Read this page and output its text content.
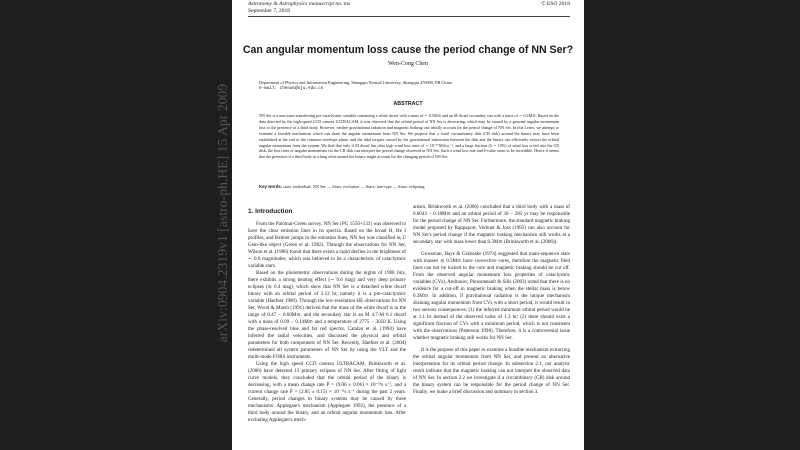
arXiv:0904.2319v1 [astro-ph.HE] 15 Apr 2009
Astronomy & Astrophysics manuscript no. ms
September 7, 2018
© ESO 2018
Can angular momentum loss cause the period change of NN Ser?
Wen-Cong Chen
Department of Physics and Information Engineering, Shangqiu Normal University, Shangqiu 476000, PR China
e-mail: chenwc@nju.edu.cn
ABSTRACT
NN Ser is a non mass-transferring pre-cataclysmic variable containing a white dwarf with a mass of ∼ 0.5M⊙ and an M dwarf secondary star with a mass of ∼ 0.2M⊙. Based on the data detected by the high-speed CCD camera ULTRACAM, it was observed that the orbital period of NN Ser is decreasing, which may be caused by a genuine angular momentum loss or the presence of a third body. However, neither gravitational radiation and magnetic braking can ideally account for the period change of NN Ser. In this Letter, we attempt to examine a feasible mechanism which can drain the angular momentum from NN Ser. We propose that a fossil circumbinary disk (CB disk) around the binary may have been established at the end of the common envelope phase, and the tidal torques caused by the gravitational interaction between the disk and the binary can efficiently extract the orbital angular momentum from the system. We find that only if M dwarf has ultra high wind loss rates of ∼ 10⁻¹⁰M⊙yr⁻¹, and a large fraction (δ ∼ 10%) of wind loss is fed into the CB disk, the loss rates of angular momentum via the CB disk can interpret the period change observed in NN Ser. Such a wind loss rate and δ-value seem to be incredible. Hence it seems that the presence of a third body in a long orbit around the binary might account for the changing period of NN Ser.
Key words. stars: individual: NN Ser — Stars: evolution — Stars: late-type — Stars: eclipsing
1. Introduction

From the Palomar-Green survey, NN Ser (PG 1550+131) was observed to have the clear emission lines in its spectra. Based on the broad H, He I profiles, and Balmer jumps in the emission lines, NN Ser was classified as U Gem-like object (Green et al. 1982). Through the observations for NN Ser, Wilson et al. (1986) found that there exists a rapid decline in the brightness of ∼ 0.6 magnitudes, which was believed to be a characteristic of cataclysmic variable stars.

Based on the photometric observations during the nights of 1988 July, there exhibits a strong heating effect (∼ 0.6 mag) and very deep primary eclipses (≳ 0.4 mag), which show that NN Ser is a detached white dwarf binary with an orbital period of 3.12 hr, namely it is a pre-cataclysmic variable (Haefner 1989). Through the low-resolution HE observations for NN Ser, Wood & Marsh (1991) derived that the mass of the white dwarf is in the range of 0.47 − 0.60M⊙, and the secondary star is an M 4.7-M 6.1 dwarf with a mass of 0.09 − 0.14M⊙ and a temperature of 2775 − 3050 K. Using the phase-resolved blue and far red spectra, Catalan et al. (1994) have inferred the radial velocities, and discussed the physical and orbital parameters for both components of NN Ser. Recently, Haefner et al. (2004) redetermined all system parameters of NN Ser by using the VLT and the multi-mode FORS instruments.

Using the high speed CCD camera ULTRACAM, Brinkworth et al. (2006) have detected 13 primary eclipses of NN Ser. After fitting of light curve models, they concluded that the orbital period of the binary is decreasing, with a mean change rate Ṗ = (9.06 ± 0.06) × 10⁻¹³s s⁻¹, and a current change rate Ṗ = (2.85 ± 0.15) × 10⁻¹¹s s⁻¹ during the past 2 years. Generally, period changes in binary systems may be caused by three mechanisms: Applegate's mechanism (Applegate 1992), the presence of a third body around the binary, and an orbital angular momentum loss. After excluding Applegate's mech-

anism, Brinkworth et al. (2006) concluded that a third body with a mass of 0.0043 − 0.18M⊙ and an orbital period of 30 − 285 yr may be responsible for the period change of NN Ser. Furthermore, the standard magnetic braking model proposed by Rappaport, Verbunt & Joss (1983) can also account for NN Ser's period change if the magnetic braking mechanism still works at a secondary star with mass lower than 0.3M⊙ (Brinkworth et al. (2006)).

Grossman, Hays & Graboske (1974) suggested that main-sequence stars with masses ≲ 0.3M⊙ have convective cores, therefore the magnetic field lines can not be locked to the core and magnetic braking should be cut off. From the observed angular momentum loss properties of cataclysmic variables (CVs), Andronov, Pinsonneault & Sills (2003) noted that there is no evidence for a cut-off in magnetic braking when the stellar mass is below 0.3M⊙. In addition, if gravitational radiation is the unique mechanism draining angular momentum from CVs with a short period, it would result in two serious consequences: (1) the inferred minimum orbital period would be at 1.1 hr instead of the observed value of 1.3 hr; (2) there should exist a significant fraction of CVs with a minimum period, which is not consistent with the observations (Patterson 1998). Therefore, it is a controversial issue whether magnetic braking still works for NN Ser.

It is the purpose of this paper to examine a feasible mechanism extracting the orbital angular momentum from NN Ser, and present an alternative interpretation for its orbital period change. In subsection 2.1, our analytic result indicate that the magnetic braking can not interpret the observed data of NN Ser. In section 2.2 we investigate if a circumbinary (CB) disk around the binary system can be responsible for the period change of NN Ser. Finally, we make a brief discussion and summary in section 3.
